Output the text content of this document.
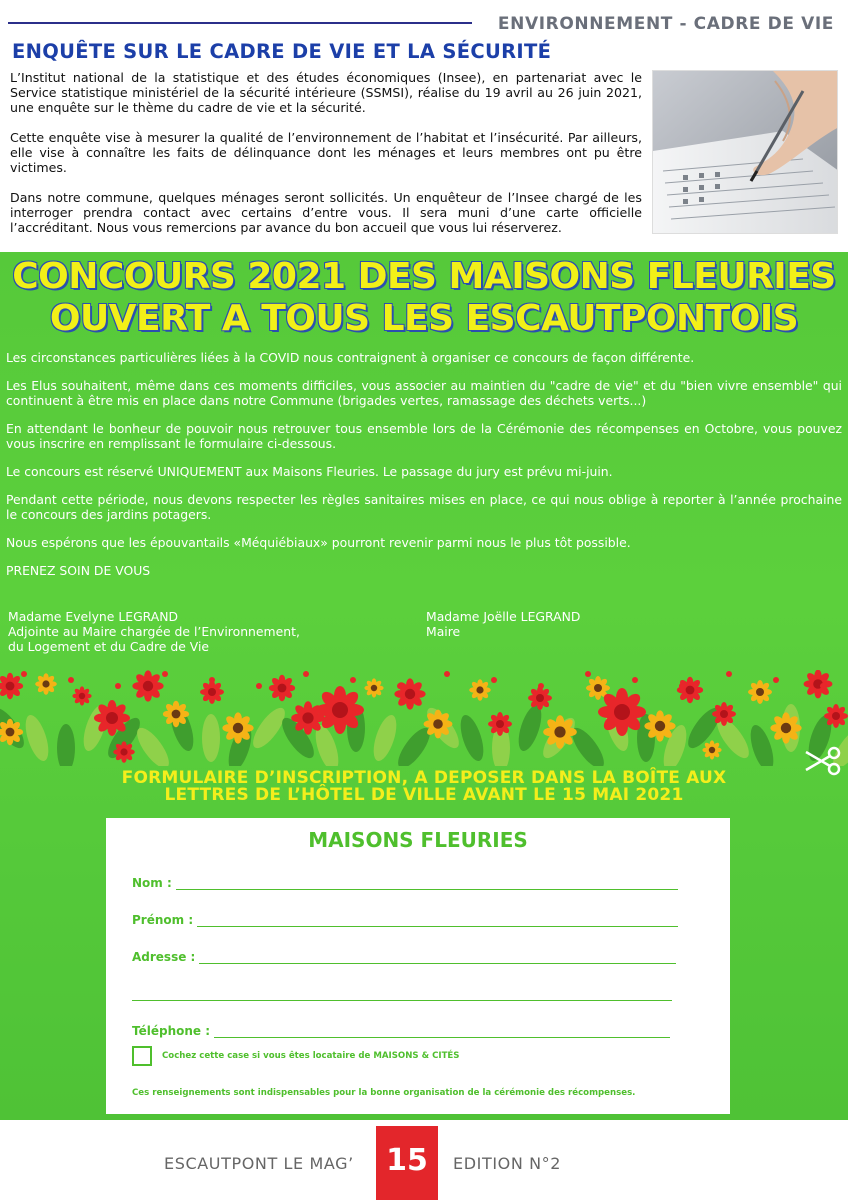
ENVIRONNEMENT - CADRE DE VIE
ENQUÊTE SUR LE CADRE DE VIE ET LA SÉCURITÉ

L’Institut national de la statistique et des études économiques (Insee), en partenariat avec le Service statistique ministériel de la sécurité intérieure (SSMSI), réalise du 19 avril au 26 juin 2021, une enquête sur le thème du cadre de vie et la sécurité.

Cette enquête vise à mesurer la qualité de l’environnement de l’habitat et l’insécurité. Par ailleurs, elle vise à connaître les faits de délinquance dont les ménages et leurs membres ont pu être victimes.

Dans notre commune, quelques ménages seront sollicités. Un enquêteur de l’Insee chargé de les interroger prendra contact avec certains d’entre vous. Il sera muni d’une carte officielle l’accréditant. Nous vous remercions par avance du bon accueil que vous lui réserverez.

CONCOURS 2021 DES MAISONS FLEURIES
OUVERT A TOUS LES ESCAUTPONTOIS

Les circonstances particulières liées à la COVID nous contraignent à organiser ce concours de façon différente.

Les Elus souhaitent, même dans ces moments difficiles, vous associer au maintien du "cadre de vie" et du "bien vivre ensemble" qui continuent à être mis en place dans notre Commune (brigades vertes, ramassage des déchets verts...)

En attendant le bonheur de pouvoir nous retrouver tous ensemble lors de la Cérémonie des récompenses en Octobre, vous pouvez vous inscrire en remplissant le formulaire ci-dessous.

Le concours est réservé UNIQUEMENT aux Maisons Fleuries. Le passage du jury est prévu mi-juin.

Pendant cette période, nous devons respecter les règles sanitaires mises en place, ce qui nous oblige à reporter à l’année prochaine le concours des jardins potagers.

Nous espérons que les épouvantails «Méquiébiaux» pourront revenir parmi nous le plus tôt possible.

PRENEZ SOIN DE VOUS

Madame Evelyne LEGRAND
Adjointe au Maire chargée de l’Environnement,
du Logement et du Cadre de Vie
Madame Joëlle LEGRAND
Maire
FORMULAIRE D’INSCRIPTION, A DEPOSER DANS LA BOÎTE AUX
LETTRES DE L’HÔTEL DE VILLE AVANT LE 15 MAI 2021
MAISONS FLEURIES
Nom :
Prénom :
Adresse :
Téléphone :
Cochez cette case si vous êtes locataire de MAISONS & CITÉS
Ces renseignements sont indispensables pour la bonne organisation de la cérémonie des récompenses.
ESCAUTPONT LE MAG’	15	EDITION N°2
